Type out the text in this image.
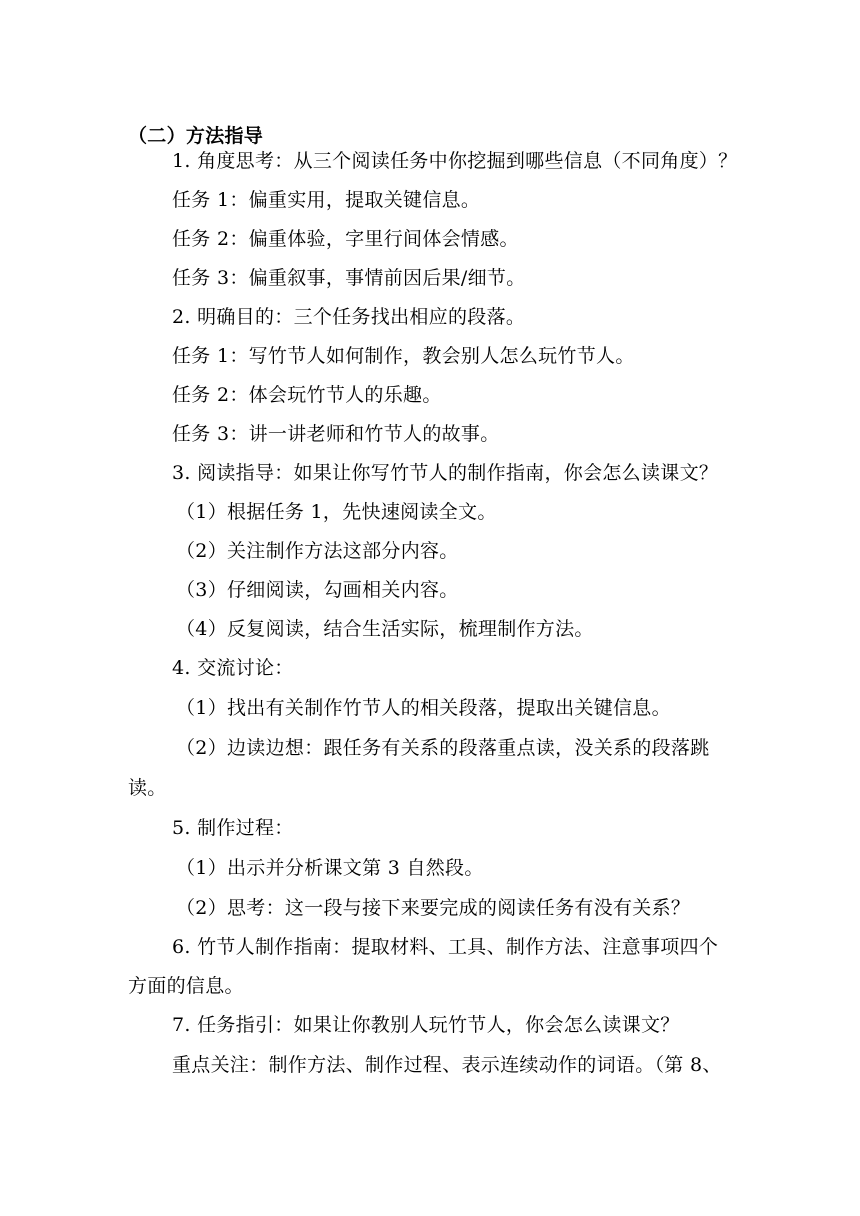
（二）方法指导
1. 角度思考：从三个阅读任务中你挖掘到哪些信息（不同角度）？
任务 1：偏重实用，提取关键信息。
任务 2：偏重体验，字里行间体会情感。
任务 3：偏重叙事，事情前因后果/细节。
2. 明确目的：三个任务找出相应的段落。
任务 1：写竹节人如何制作，教会别人怎么玩竹节人。
任务 2：体会玩竹节人的乐趣。
任务 3：讲一讲老师和竹节人的故事。
3. 阅读指导：如果让你写竹节人的制作指南，你会怎么读课文？
（1）根据任务 1，先快速阅读全文。
（2）关注制作方法这部分内容。
（3）仔细阅读，勾画相关内容。
（4）反复阅读，结合生活实际，梳理制作方法。
4. 交流讨论：
（1）找出有关制作竹节人的相关段落，提取出关键信息。
（2）边读边想：跟任务有关系的段落重点读，没关系的段落跳
读。
5. 制作过程：
（1）出示并分析课文第 3 自然段。
（2）思考：这一段与接下来要完成的阅读任务有没有关系？
6. 竹节人制作指南：提取材料、工具、制作方法、注意事项四个
方面的信息。
7. 任务指引：如果让你教别人玩竹节人，你会怎么读课文？
重点关注：制作方法、制作过程、表示连续动作的词语。（第 8、
